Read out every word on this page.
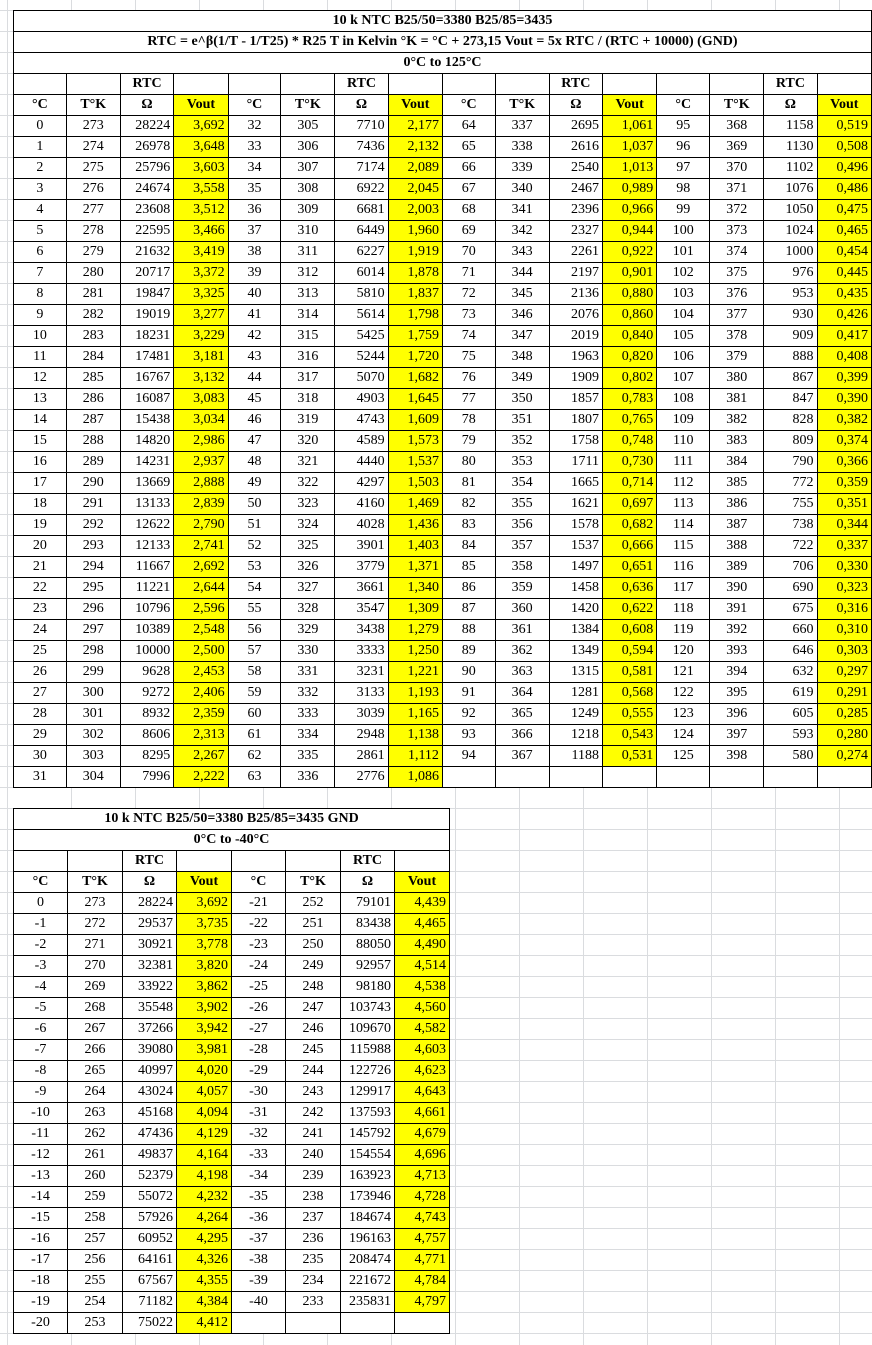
10 k NTC B25/50=3380 B25/85=3435															
RTC = e^β(1/T - 1/T25) * R25 T in Kelvin °K = °C + 273,15 Vout = 5x RTC / (RTC + 10000) (GND)															
0°C to 125°C															
		RTC				RTC				RTC				RTC	
°C	T°K	Ω	Vout	°C	T°K	Ω	Vout	°C	T°K	Ω	Vout	°C	T°K	Ω	Vout
0	273	28224	3,692	32	305	7710	2,177	64	337	2695	1,061	95	368	1158	0,519
1	274	26978	3,648	33	306	7436	2,132	65	338	2616	1,037	96	369	1130	0,508
2	275	25796	3,603	34	307	7174	2,089	66	339	2540	1,013	97	370	1102	0,496
3	276	24674	3,558	35	308	6922	2,045	67	340	2467	0,989	98	371	1076	0,486
4	277	23608	3,512	36	309	6681	2,003	68	341	2396	0,966	99	372	1050	0,475
5	278	22595	3,466	37	310	6449	1,960	69	342	2327	0,944	100	373	1024	0,465
6	279	21632	3,419	38	311	6227	1,919	70	343	2261	0,922	101	374	1000	0,454
7	280	20717	3,372	39	312	6014	1,878	71	344	2197	0,901	102	375	976	0,445
8	281	19847	3,325	40	313	5810	1,837	72	345	2136	0,880	103	376	953	0,435
9	282	19019	3,277	41	314	5614	1,798	73	346	2076	0,860	104	377	930	0,426
10	283	18231	3,229	42	315	5425	1,759	74	347	2019	0,840	105	378	909	0,417
11	284	17481	3,181	43	316	5244	1,720	75	348	1963	0,820	106	379	888	0,408
12	285	16767	3,132	44	317	5070	1,682	76	349	1909	0,802	107	380	867	0,399
13	286	16087	3,083	45	318	4903	1,645	77	350	1857	0,783	108	381	847	0,390
14	287	15438	3,034	46	319	4743	1,609	78	351	1807	0,765	109	382	828	0,382
15	288	14820	2,986	47	320	4589	1,573	79	352	1758	0,748	110	383	809	0,374
16	289	14231	2,937	48	321	4440	1,537	80	353	1711	0,730	111	384	790	0,366
17	290	13669	2,888	49	322	4297	1,503	81	354	1665	0,714	112	385	772	0,359
18	291	13133	2,839	50	323	4160	1,469	82	355	1621	0,697	113	386	755	0,351
19	292	12622	2,790	51	324	4028	1,436	83	356	1578	0,682	114	387	738	0,344
20	293	12133	2,741	52	325	3901	1,403	84	357	1537	0,666	115	388	722	0,337
21	294	11667	2,692	53	326	3779	1,371	85	358	1497	0,651	116	389	706	0,330
22	295	11221	2,644	54	327	3661	1,340	86	359	1458	0,636	117	390	690	0,323
23	296	10796	2,596	55	328	3547	1,309	87	360	1420	0,622	118	391	675	0,316
24	297	10389	2,548	56	329	3438	1,279	88	361	1384	0,608	119	392	660	0,310
25	298	10000	2,500	57	330	3333	1,250	89	362	1349	0,594	120	393	646	0,303
26	299	9628	2,453	58	331	3231	1,221	90	363	1315	0,581	121	394	632	0,297
27	300	9272	2,406	59	332	3133	1,193	91	364	1281	0,568	122	395	619	0,291
28	301	8932	2,359	60	333	3039	1,165	92	365	1249	0,555	123	396	605	0,285
29	302	8606	2,313	61	334	2948	1,138	93	366	1218	0,543	124	397	593	0,280
30	303	8295	2,267	62	335	2861	1,112	94	367	1188	0,531	125	398	580	0,274
31	304	7996	2,222	63	336	2776	1,086								
10 k NTC B25/50=3380 B25/85=3435 GND							
0°C to -40°C							
		RTC				RTC	
°C	T°K	Ω	Vout	°C	T°K	Ω	Vout
0	273	28224	3,692	-21	252	79101	4,439
-1	272	29537	3,735	-22	251	83438	4,465
-2	271	30921	3,778	-23	250	88050	4,490
-3	270	32381	3,820	-24	249	92957	4,514
-4	269	33922	3,862	-25	248	98180	4,538
-5	268	35548	3,902	-26	247	103743	4,560
-6	267	37266	3,942	-27	246	109670	4,582
-7	266	39080	3,981	-28	245	115988	4,603
-8	265	40997	4,020	-29	244	122726	4,623
-9	264	43024	4,057	-30	243	129917	4,643
-10	263	45168	4,094	-31	242	137593	4,661
-11	262	47436	4,129	-32	241	145792	4,679
-12	261	49837	4,164	-33	240	154554	4,696
-13	260	52379	4,198	-34	239	163923	4,713
-14	259	55072	4,232	-35	238	173946	4,728
-15	258	57926	4,264	-36	237	184674	4,743
-16	257	60952	4,295	-37	236	196163	4,757
-17	256	64161	4,326	-38	235	208474	4,771
-18	255	67567	4,355	-39	234	221672	4,784
-19	254	71182	4,384	-40	233	235831	4,797
-20	253	75022	4,412				
